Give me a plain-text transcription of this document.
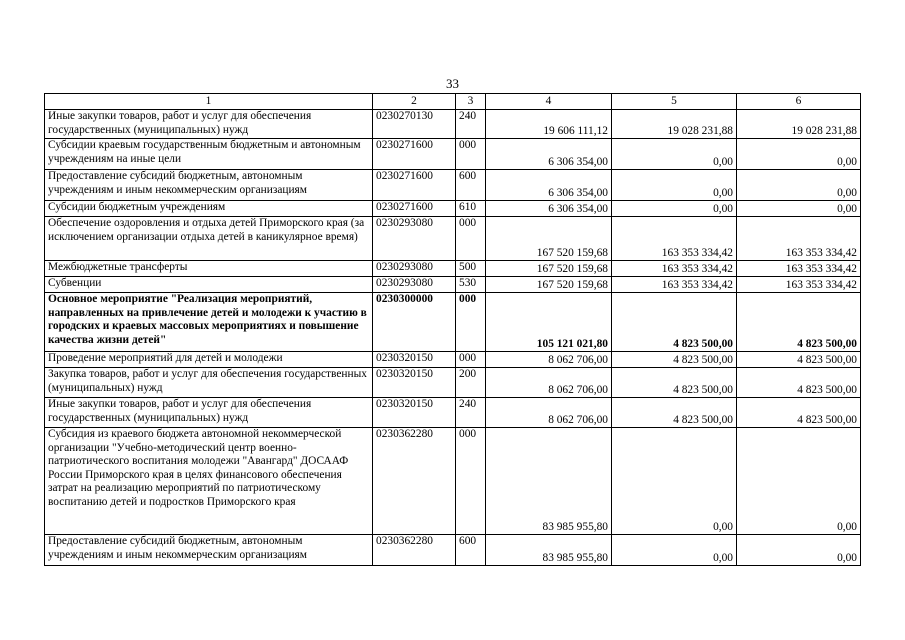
33
1	2	3	4	5	6
Иные закупки товаров, работ и услуг для обеспечения государственных (муниципальных) нужд	0230270130	240	19 606 111,12	19 028 231,88	19 028 231,88
Субсидии краевым государственным бюджетным и автономным учреждениям на иные цели	0230271600	000	6 306 354,00	0,00	0,00
Предоставление субсидий бюджетным, автономным учреждениям и иным некоммерческим организациям	0230271600	600	6 306 354,00	0,00	0,00
Субсидии бюджетным учреждениям	0230271600	610	6 306 354,00	0,00	0,00
Обеспечение оздоровления и отдыха детей Приморского края (за исключением организации отдыха детей в каникулярное время)	0230293080	000	167 520 159,68	163 353 334,42	163 353 334,42
Межбюджетные трансферты	0230293080	500	167 520 159,68	163 353 334,42	163 353 334,42
Субвенции	0230293080	530	167 520 159,68	163 353 334,42	163 353 334,42
Основное мероприятие "Реализация мероприятий, направленных на привлечение детей и молодежи к участию в городских и краевых массовых мероприятиях и повышение качества жизни детей"	0230300000	000	105 121 021,80	4 823 500,00	4 823 500,00
Проведение мероприятий для детей и молодежи	0230320150	000	8 062 706,00	4 823 500,00	4 823 500,00
Закупка товаров, работ и услуг для обеспечения государственных (муниципальных) нужд	0230320150	200	8 062 706,00	4 823 500,00	4 823 500,00
Иные закупки товаров, работ и услуг для обеспечения государственных (муниципальных) нужд	0230320150	240	8 062 706,00	4 823 500,00	4 823 500,00
Субсидия из краевого бюджета автономной некоммерческой организации "Учебно-методический центр военно-патриотического воспитания молодежи "Авангард" ДОСААФ России Приморского края в целях финансового обеспечения затрат на реализацию мероприятий по патриотическому воспитанию детей и подростков Приморского края	0230362280	000	83 985 955,80	0,00	0,00
Предоставление субсидий бюджетным, автономным учреждениям и иным некоммерческим организациям	0230362280	600	83 985 955,80	0,00	0,00
